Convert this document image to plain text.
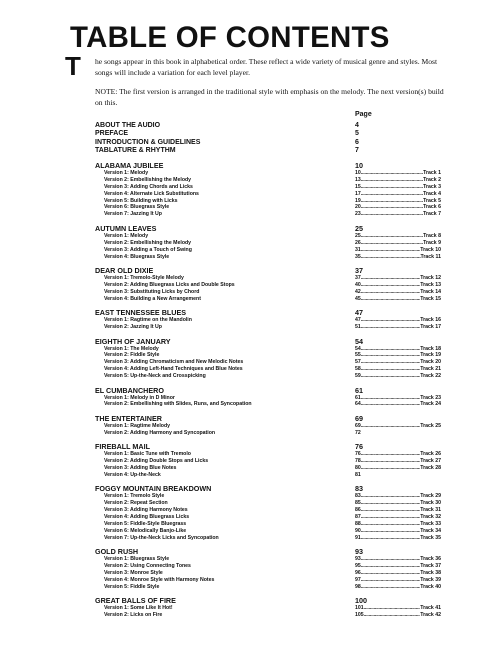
TABLE OF CONTENTS

T he songs appear in this book in alphabetical order. These reflect a wide variety of musical genre and styles. Most songs will include a variation for each level player.

NOTE: The first version is arranged in the traditional style with emphasis on the melody. The next version(s) build on this.

Page
ABOUT THE AUDIO	4
PREFACE	5
INTRODUCTION & GUIDELINES	6
TABLATURE & RHYTHM	7
ALABAMA JUBILEE	10
Version 1: Melody	10 .....	Track 1
Version 2: Embellishing the Melody	13 .....	Track 2
Version 3: Adding Chords and Licks	15 .....	Track 3
Version 4: Alternate Lick Substitutions	17 .....	Track 4
Version 5: Building with Licks	19 .....	Track 5
Version 6: Bluegrass Style	20 .....	Track 6
Version 7: Jazzing It Up	23 .....	Track 7
AUTUMN LEAVES	25
Version 1: Melody	25 .....	Track 8
Version 2: Embellishing the Melody	26 .....	Track 9
Version 3: Adding a Touch of Swing	31 .....	Track 10
Version 4: Bluegrass Style	35 .....	Track 11
DEAR OLD DIXIE	37
Version 1: Tremolo-Style Melody	37 .....	Track 12
Version 2: Adding Bluegrass Licks and Double Stops	40 .....	Track 13
Version 3: Substituting Licks by Chord	42 .....	Track 14
Version 4: Building a New Arrangement	45 .....	Track 15
EAST TENNESSEE BLUES	47
Version 1: Ragtime on the Mandolin	47 .....	Track 16
Version 2: Jazzing It Up	51 .....	Track 17
EIGHTH OF JANUARY	54
Version 1: The Melody	54 .....	Track 18
Version 2: Fiddle Style	55 .....	Track 19
Version 3: Adding Chromaticism and New Melodic Notes	57 .....	Track 20
Version 4: Adding Left-Hand Techniques and Blue Notes	58 .....	Track 21
Version 5: Up-the-Neck and Crosspicking	59 .....	Track 22
EL CUMBANCHERO	61
Version 1: Melody in D Minor	61 .....	Track 23
Version 2: Embellishing with Slides, Runs, and Syncopation	64 .....	Track 24
THE ENTERTAINER	69
Version 1: Ragtime Melody	69 .....	Track 25
Version 2: Adding Harmony and Syncopation	72
FIREBALL MAIL	76
Version 1: Basic Tune with Tremolo	76 .....	Track 26
Version 2: Adding Double Stops and Licks	78 .....	Track 27
Version 3: Adding Blue Notes	80 .....	Track 28
Version 4: Up-the-Neck	81
FOGGY MOUNTAIN BREAKDOWN	83
Version 1: Tremolo Style	83 .....	Track 29
Version 2: Repeat Section	85 .....	Track 30
Version 3: Adding Harmony Notes	86 .....	Track 31
Version 4: Adding Bluegrass Licks	87 .....	Track 32
Version 5: Fiddle-Style Bluegrass	88 .....	Track 33
Version 6: Melodically Banjo-Like	90 .....	Track 34
Version 7: Up-the-Neck Licks and Syncopation	91 .....	Track 35
GOLD RUSH	93
Version 1: Bluegrass Style	93 .....	Track 36
Version 2: Using Connecting Tones	95 .....	Track 37
Version 3: Monroe Style	96 .....	Track 38
Version 4: Monroe Style with Harmony Notes	97 .....	Track 39
Version 5: Fiddle Style	98 .....	Track 40
GREAT BALLS OF FIRE	100
Version 1: Some Like It Hot!	101 .....	Track 41
Version 2: Licks on Fire	105 .....	Track 42
